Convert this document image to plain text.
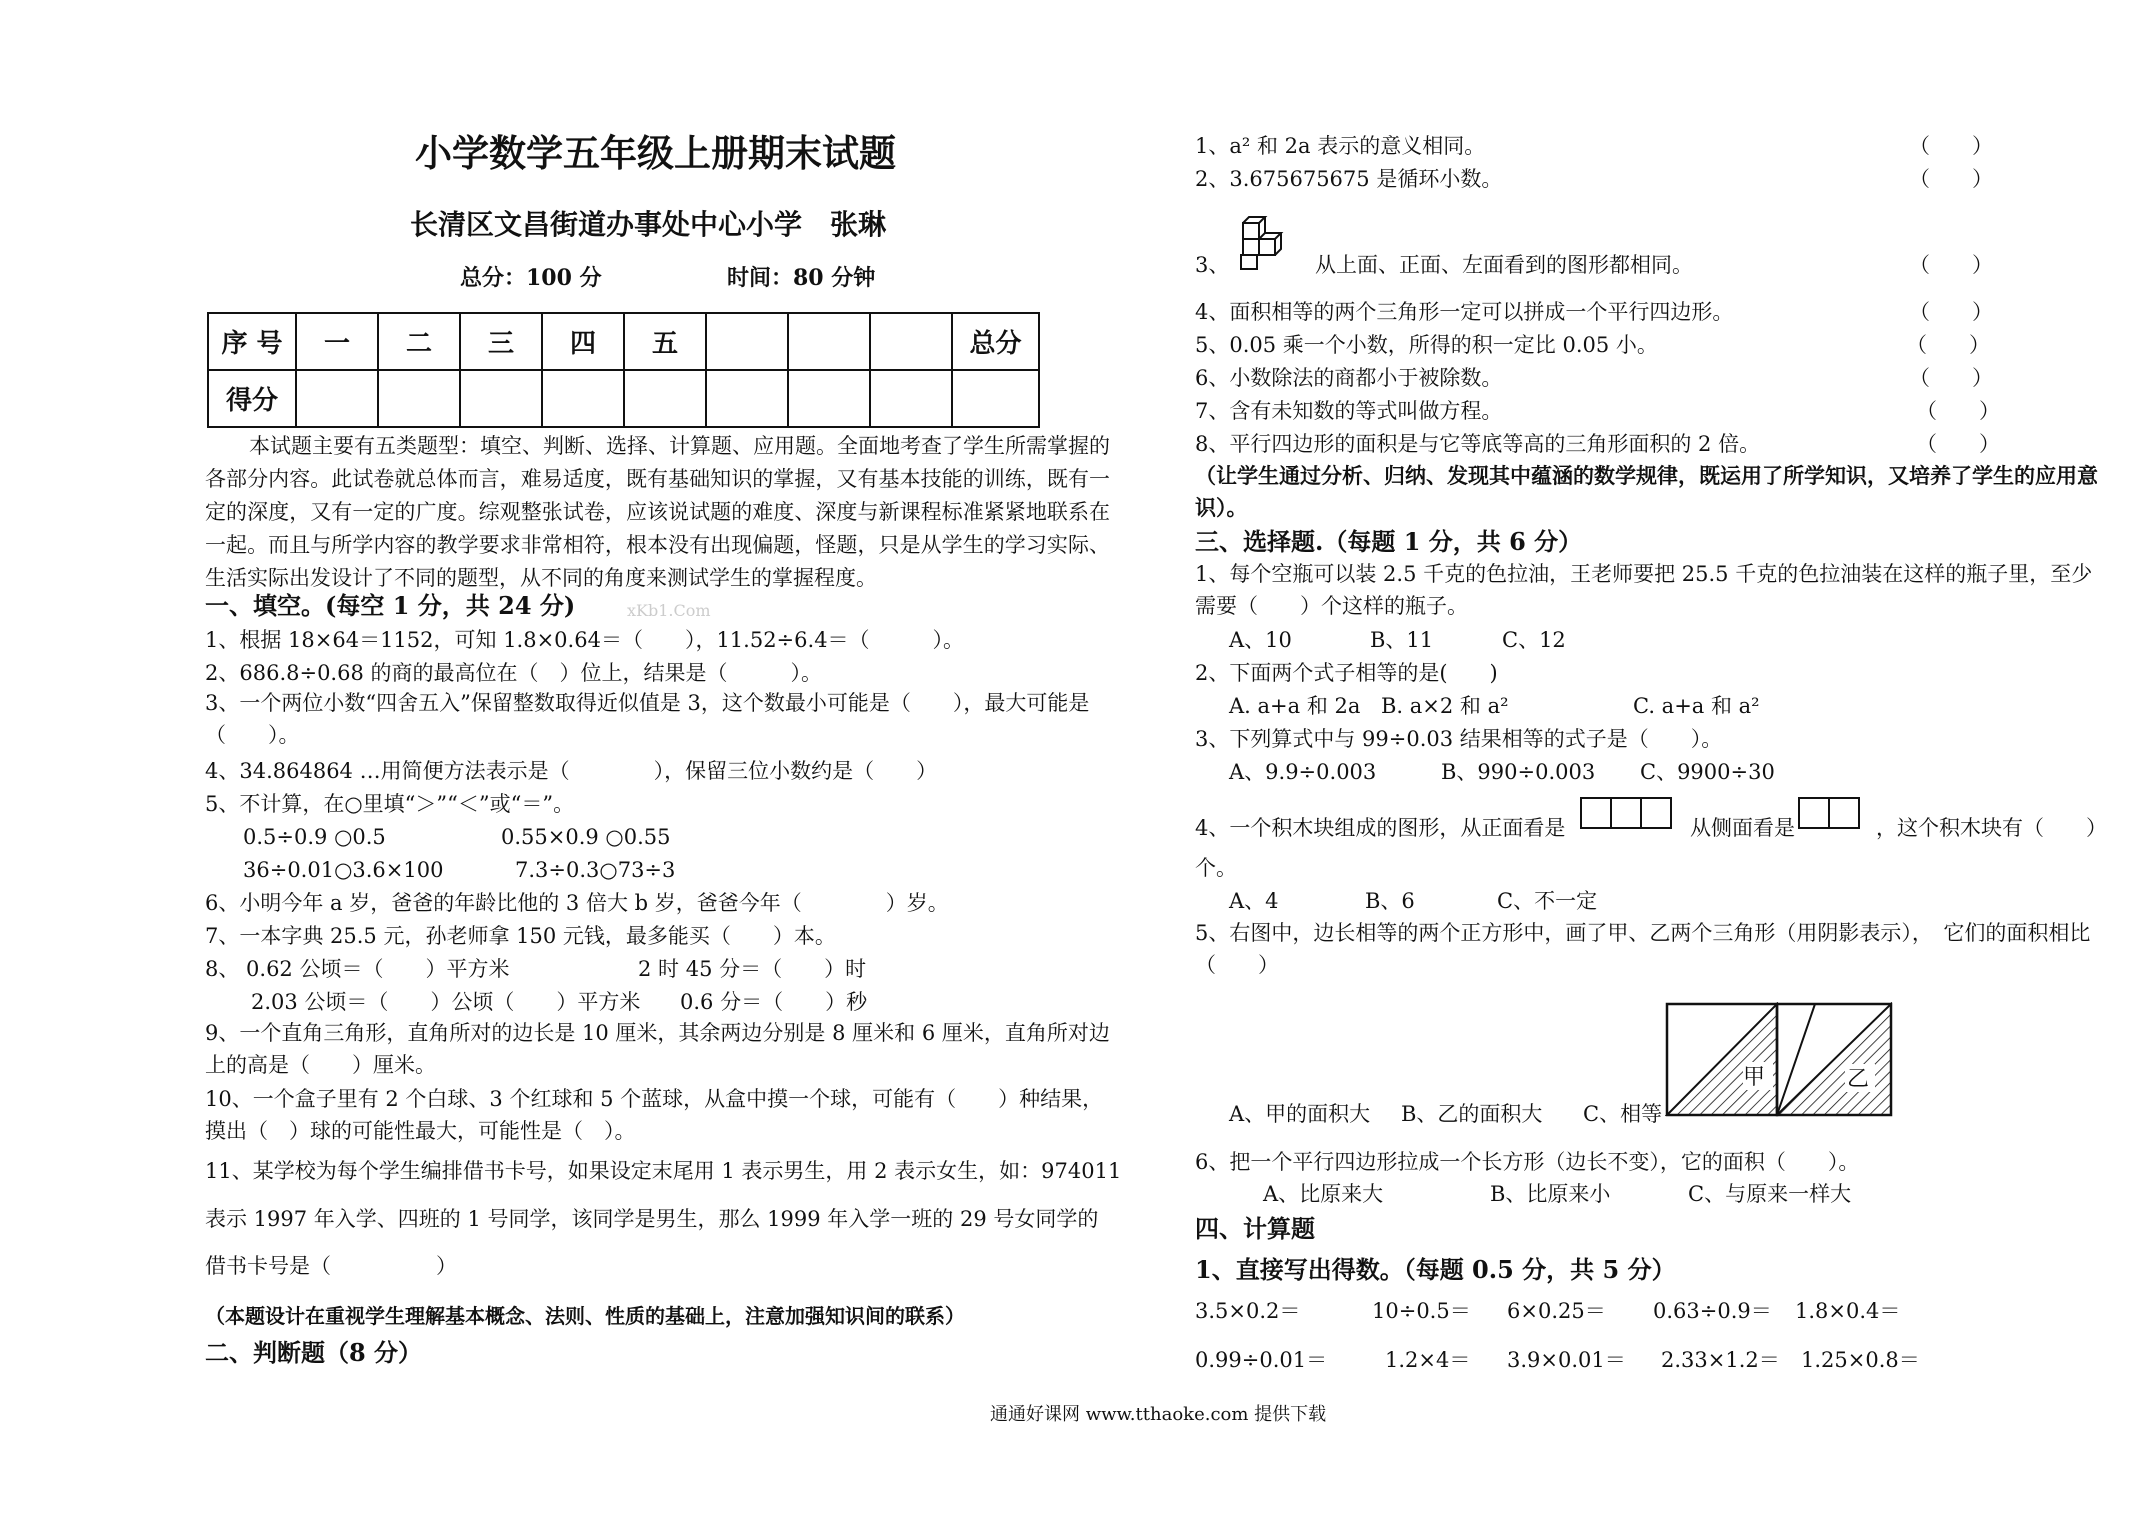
小学数学五年级上册期末试题
长清区文昌街道办事处中心小学　张琳
总分：100 分	时间：80 分钟
序 号	一	二	三	四	五				总分
得分									
本试题主要有五类题型：填空、判断、选择、计算题、应用题。全面地考查了学生所需掌握的各部分内容。此试卷就总体而言，难易适度，既有基础知识的掌握，又有基本技能的训练，既有一定的深度，又有一定的广度。综观整张试卷，应该说试题的难度、深度与新课程标准紧紧地联系在一起。而且与所学内容的教学要求非常相符，根本没有出现偏题，怪题，只是从学生的学习实际、生活实际出发设计了不同的题型，从不同的角度来测试学生的掌握程度。
一、填空。(每空 1 分，共 24 分)	xKb1.Com
1、根据 18×64＝1152，可知 1.8×0.64＝（　　），11.52÷6.4＝（　　　）。
2、686.8÷0.68 的商的最高位在（　）位上，结果是（　　　）。
3、一个两位小数“四舍五入”保留整数取得近似值是 3，这个数最小可能是（　　），最大可能是（　　）。
4、34.864864 …用简便方法表示是（　　　　），保留三位小数约是（　　）
5、不计算，在○里填“＞”“＜”或“＝”。
0.5÷0.9 ○0.5	0.55×0.9 ○0.55
36÷0.01○3.6×100	7.3÷0.3○73÷3
6、小明今年 a 岁，爸爸的年龄比他的 3 倍大 b 岁，爸爸今年（　　　　）岁。
7、一本字典 25.5 元，孙老师拿 150 元钱，最多能买（　　）本。
8、 0.62 公顷＝（　　）平方米	2 时 45 分＝（　　）时
2.03 公顷＝（　　）公顷（　　）平方米 0.6 分＝（　　）秒
9、一个直角三角形，直角所对的边长是 10 厘米，其余两边分别是 8 厘米和 6 厘米，直角所对边上的高是（　　）厘米。
10、一个盒子里有 2 个白球、3 个红球和 5 个蓝球，从盒中摸一个球，可能有（　　）种结果，摸出（　）球的可能性最大，可能性是（　）。
11、某学校为每个学生编排借书卡号，如果设定末尾用 1 表示男生，用 2 表示女生，如：974011
表示 1997 年入学、四班的 1 号同学，该同学是男生，那么 1999 年入学一班的 29 号女同学的
借书卡号是（　　　　　）
（本题设计在重视学生理解基本概念、法则、性质的基础上，注意加强知识间的联系）
二、判断题（8 分）
1、a² 和 2a 表示的意义相同。	（　　）
2、3.675675675 是循环小数。	（　　）
3、	从上面、正面、左面看到的图形都相同。	（　　）
4、面积相等的两个三角形一定可以拼成一个平行四边形。	（　　）
5、0.05 乘一个小数，所得的积一定比 0.05 小。	（　　）
6、小数除法的商都小于被除数。	（　　）
7、含有未知数的等式叫做方程。	（　　）
8、平行四边形的面积是与它等底等高的三角形面积的 2 倍。	（　　）
（让学生通过分析、归纳、发现其中蕴涵的数学规律，既运用了所学知识，又培养了学生的应用意识）。
三、选择题.（每题 1 分，共 6 分）
1、每个空瓶可以装 2.5 千克的色拉油，王老师要把 25.5 千克的色拉油装在这样的瓶子里，至少需要（　　）个这样的瓶子。
A、10	B、11	C、12
2、下面两个式子相等的是(　　)
A. a+a 和 2a B. a×2 和 a²	C. a+a 和 a²
3、下列算式中与 99÷0.03 结果相等的式子是（　　）。
A、9.9÷0.003	B、990÷0.003 C、9900÷30
4、一个积木块组成的图形，从正面看是	从侧面看是	，这个积木块有（　　）
个。
A、4	B、6	C、不一定
5、右图中，边长相等的两个正方形中，画了甲、乙两个三角形（用阴影表示），　它们的面积相比（　　）
甲	乙
A、甲的面积大 B、乙的面积大 C、相等
6、把一个平行四边形拉成一个长方形（边长不变），它的面积（　　）。
A、比原来大	B、比原来小	C、与原来一样大
四、计算题
1、直接写出得数。（每题 0.5 分，共 5 分）
3.5×0.2＝	10÷0.5＝ 6×0.25＝ 0.63÷0.9＝ 1.8×0.4＝
0.99÷0.01＝	1.2×4＝ 3.9×0.01＝ 2.33×1.2＝ 1.25×0.8＝
通通好课网 www.tthaoke.com 提供下载
